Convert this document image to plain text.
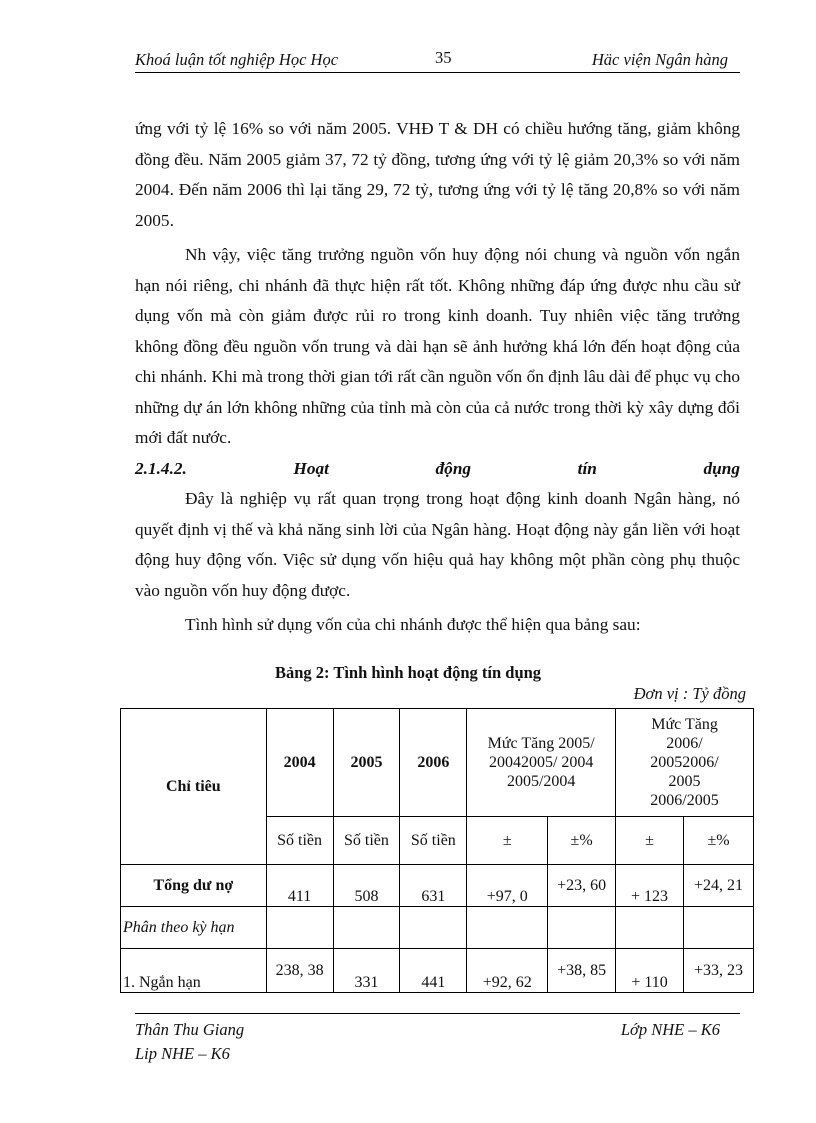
Khoá luận tốt nghiệp Học Học	35	Häc viện Ngân hàng

ứng với tỷ lệ 16% so với năm 2005. VHĐ T & DH có chiều hướng tăng, giảm không đồng đều. Năm 2005 giảm 37, 72 tỷ đồng, tương ứng với tỷ lệ giảm 20,3% so với năm 2004. Đến năm 2006 thì lại tăng 29, 72 tỷ, tương ứng với tỷ lệ tăng 20,8% so với năm 2005.

Nh vậy, việc tăng trưởng nguồn vốn huy động nói chung và nguồn vốn ngắn hạn nói riêng, chi nhánh đã thực hiện rất tốt. Không những đáp ứng được nhu cầu sử dụng vốn mà còn giảm được rủi ro trong kinh doanh. Tuy nhiên việc tăng trưởng không đồng đều nguồn vốn trung và dài hạn sẽ ảnh hưởng khá lớn đến hoạt động của chi nhánh. Khi mà trong thời gian tới rất cần nguồn vốn ổn định lâu dài để phục vụ cho những dự án lớn không những của tỉnh mà còn của cả nước trong thời kỳ xây dựng đổi mới đất nước.

2.1.4.2.	Hoạt	động	tín	dụng

Đây là nghiệp vụ rất quan trọng trong hoạt động kinh doanh Ngân hàng, nó quyết định vị thế và khả năng sinh lời của Ngân hàng. Hoạt động này gắn liền với hoạt động huy động vốn. Việc sử dụng vốn hiệu quả hay không một phần còng phụ thuộc vào nguồn vốn huy động được.

Tình hình sử dụng vốn của chi nhánh được thể hiện qua bảng sau:

Bảng 2: Tình hình hoạt động tín dụng
Đơn vị : Tỷ đồng
Chỉ tiêu	2004	2005	2006	Mức Tăng 2005/ 20042005/ 2004 2005/2004		Mức Tăng 2006/ 20052006/ 2005 2006/2005	
	Số tiền	Số tiền	Số tiền	±	±%	±	±%
Tổng dư nợ	411	508	631	+97, 0	+23, 60	+ 123	+24, 21
Phân theo kỳ hạn							
1. Ngắn hạn	238, 38	331	441	+92, 62	+38, 85	+ 110	+33, 23
Thân Thu Giang
Lip NHE – K6
Lớp NHE – K6
